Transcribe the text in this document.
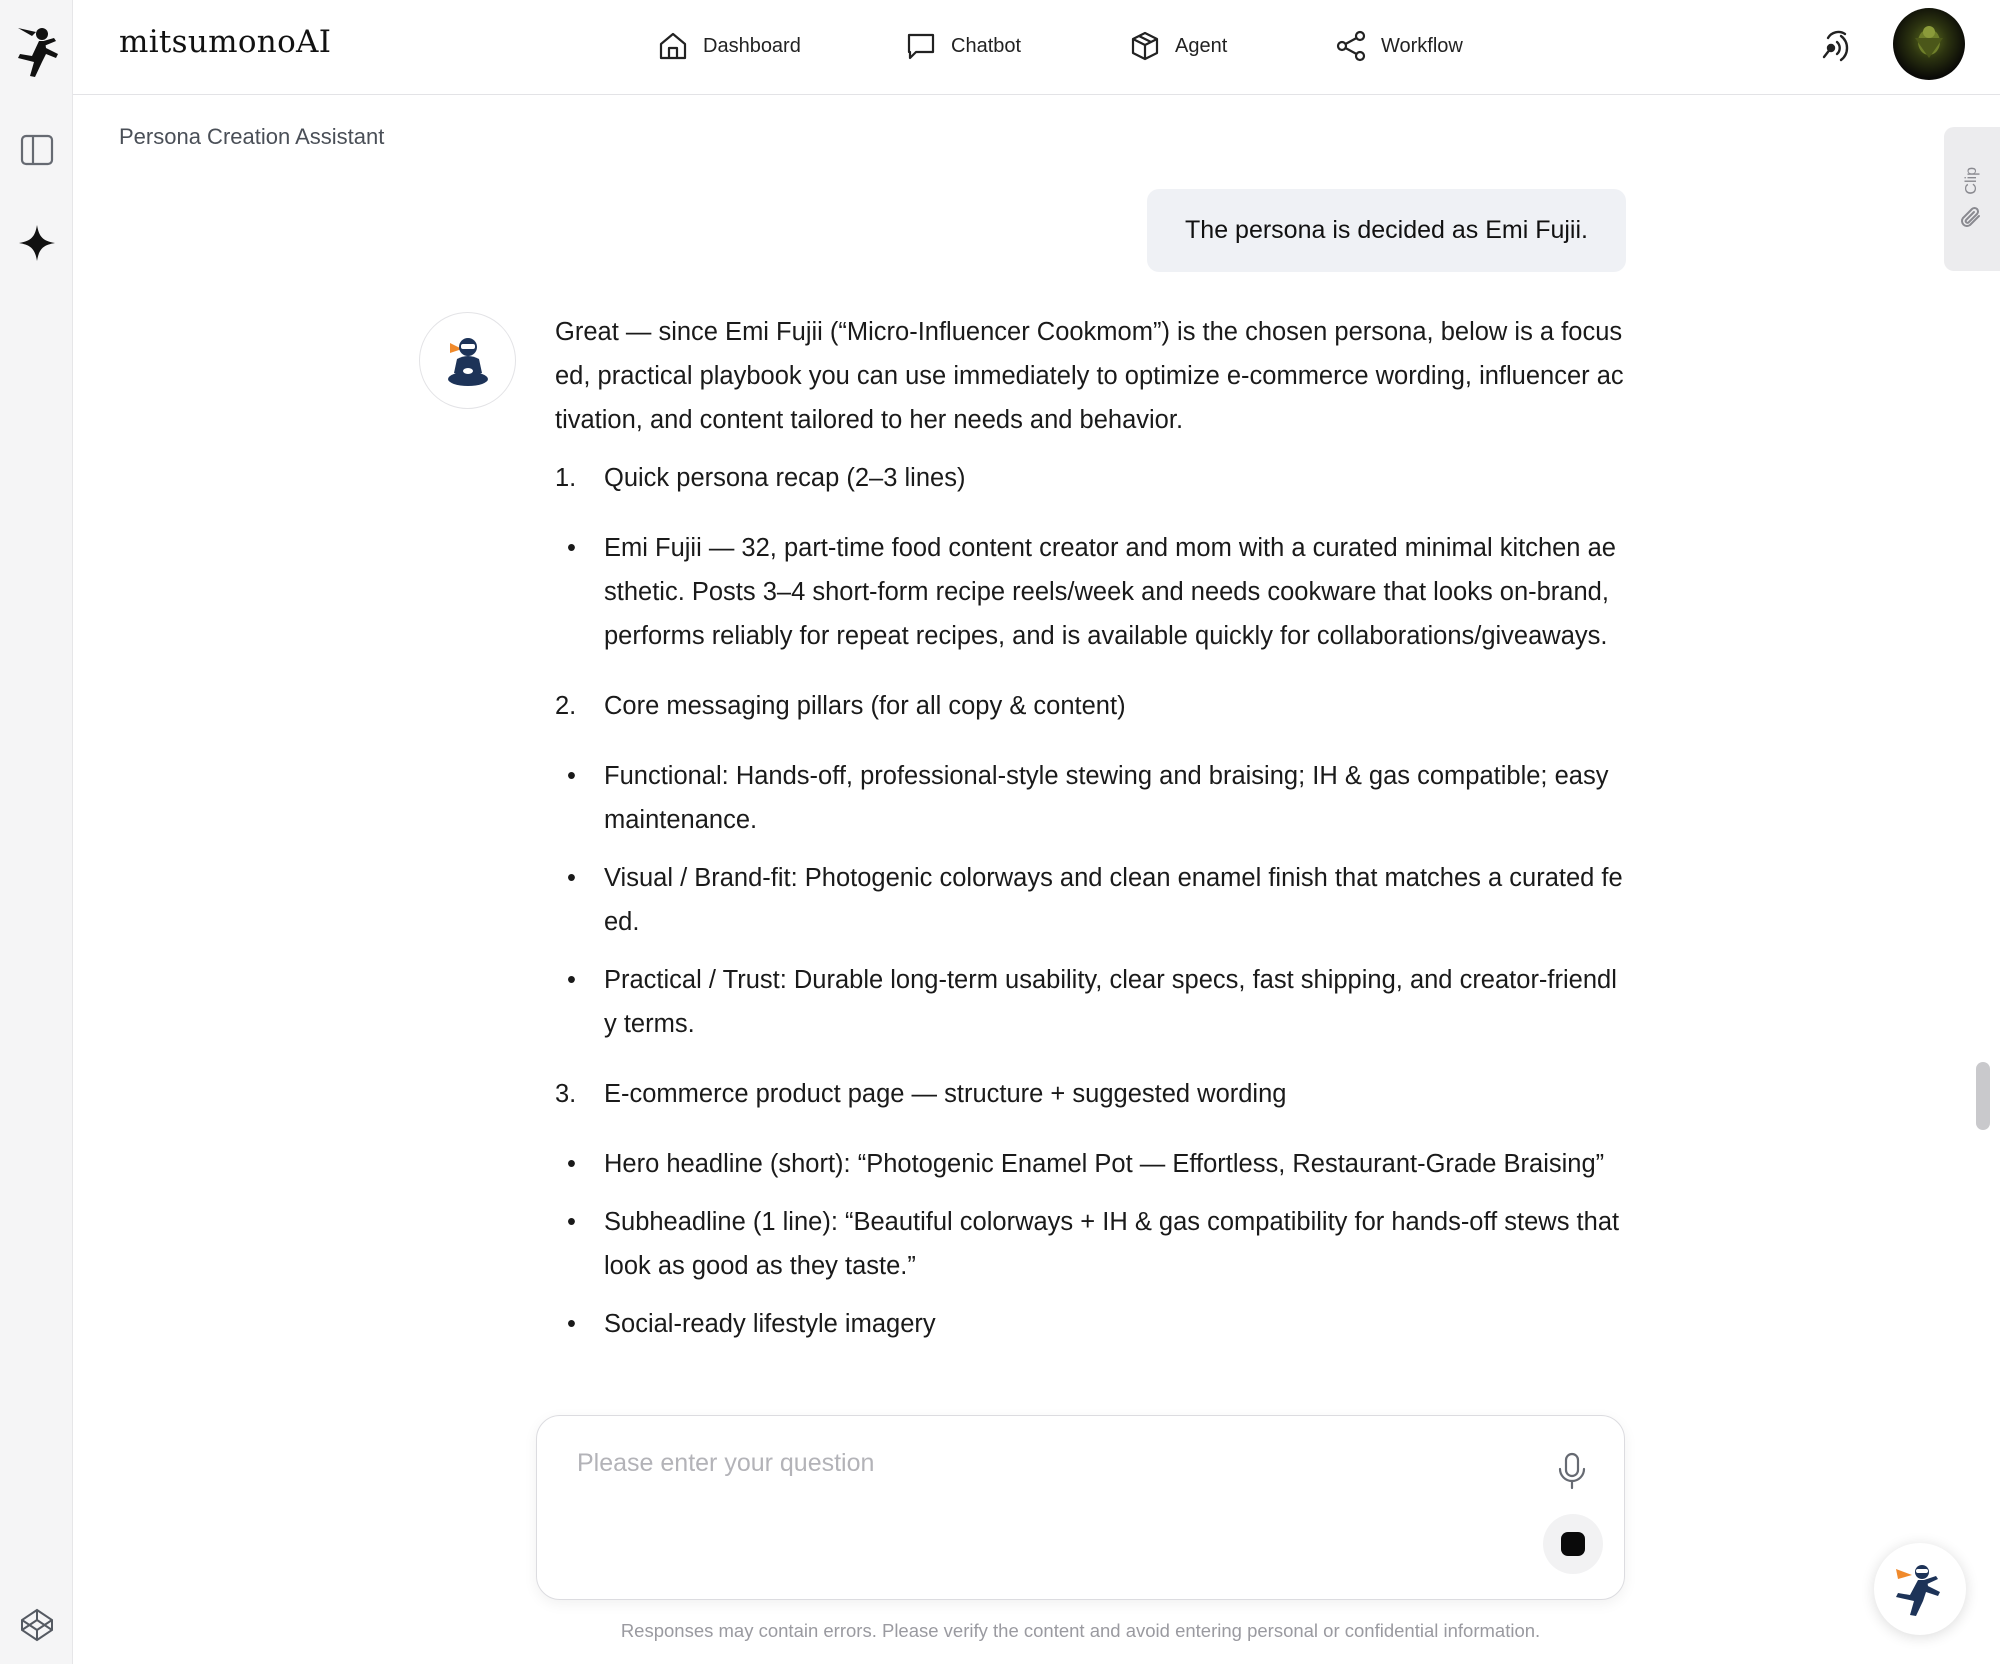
mitsumonoAI	Dashboard	Chatbot	Agent	Workflow
Persona Creation Assistant
Clip
The persona is decided as Emi Fujii.

Great — since Emi Fujii (“Micro-Influencer Cookmom”) is the chosen persona, below is a focused, practical playbook you can use immediately to optimize e-commerce wording, influencer activation, and content tailored to her needs and behavior.

1.	Quick persona recap (2–3 lines)
•	Emi Fujii — 32, part-time food content creator and mom with a curated minimal kitchen aesthetic. Posts 3–4 short-form recipe reels/week and needs cookware that looks on-brand, performs reliably for repeat recipes, and is available quickly for collaborations/giveaways.
2.	Core messaging pillars (for all copy & content)
•	Functional: Hands-off, professional-style stewing and braising; IH & gas compatible; easy maintenance.
•	Visual / Brand-fit: Photogenic colorways and clean enamel finish that matches a curated feed.
•	Practical / Trust: Durable long-term usability, clear specs, fast shipping, and creator-friendly terms.
3.	E-commerce product page — structure + suggested wording
•	Hero headline (short): “Photogenic Enamel Pot — Effortless, Restaurant-Grade Braising”
•	Subheadline (1 line): “Beautiful colorways + IH & gas compatibility for hands-off stews that look as good as they taste.”
•	Social-ready lifestyle imagery
Please enter your question
Responses may contain errors. Please verify the content and avoid entering personal or confidential information.
